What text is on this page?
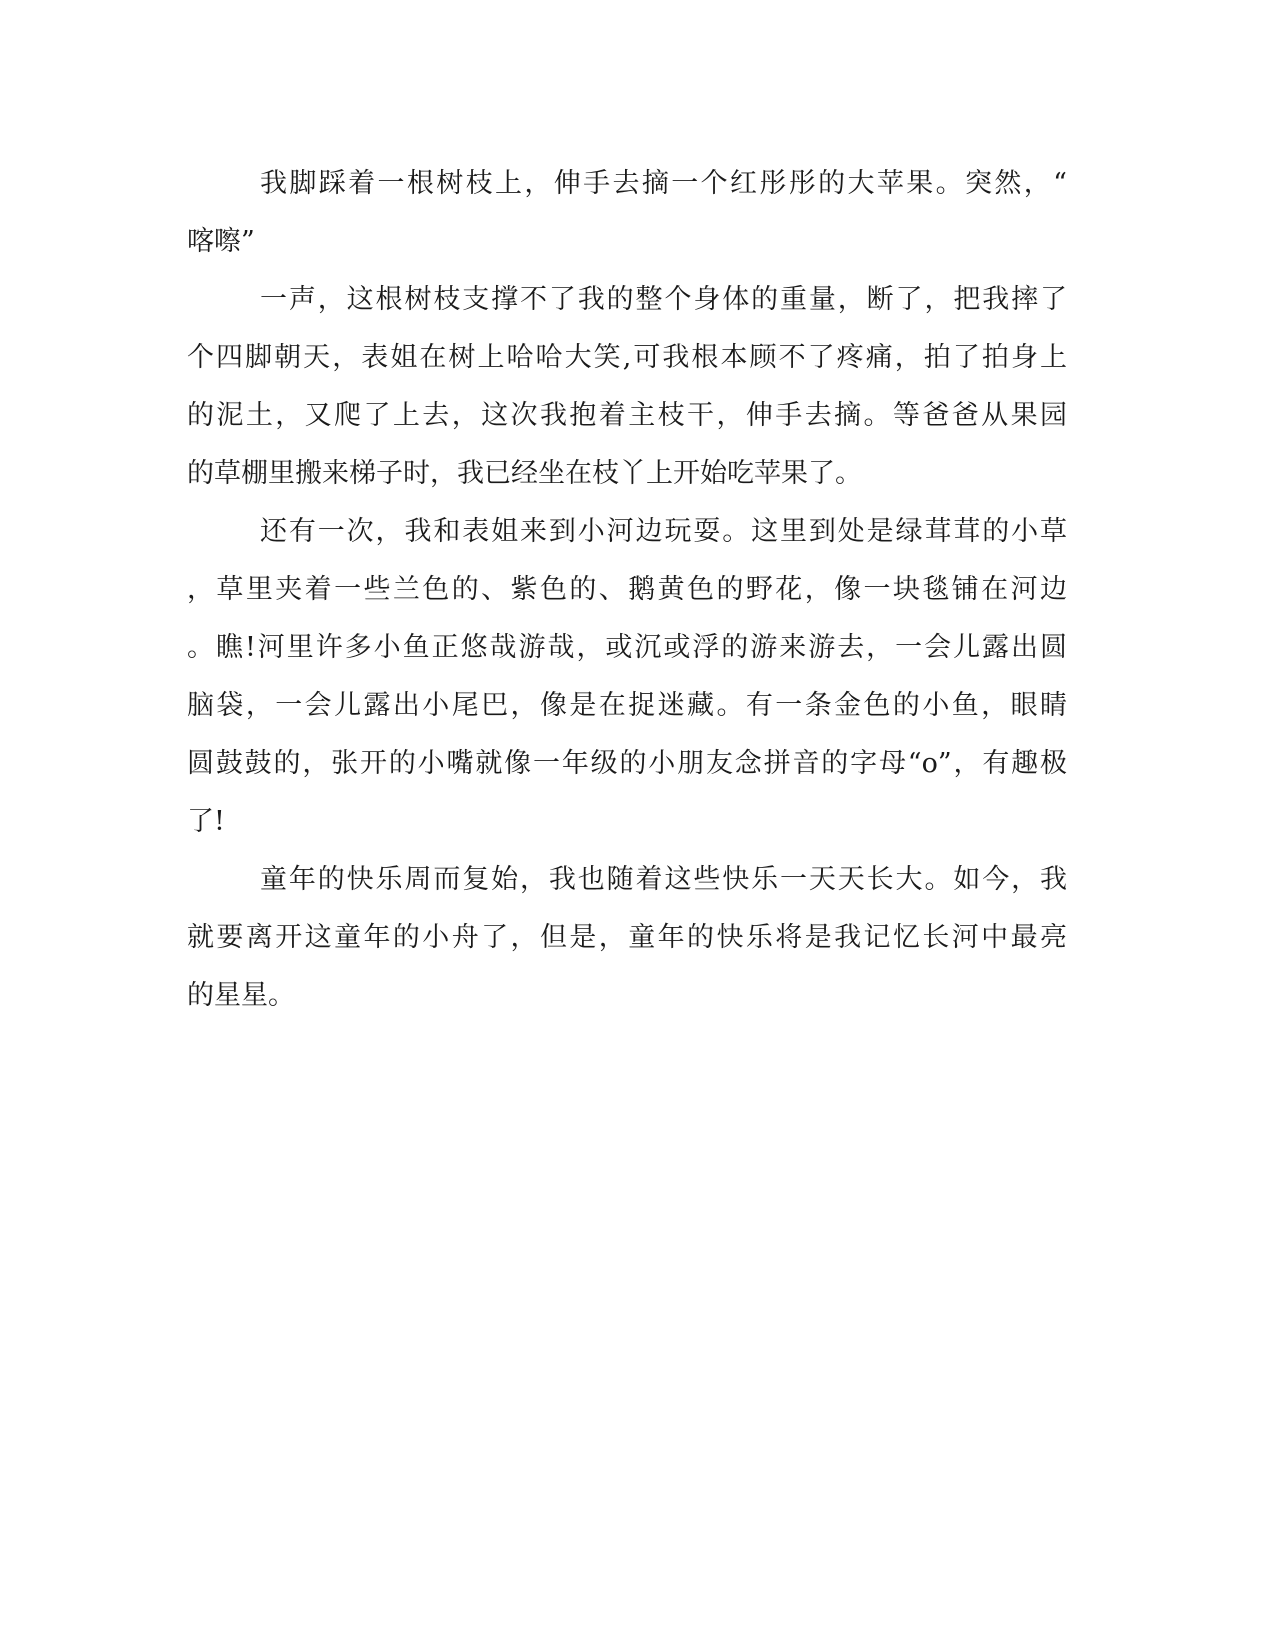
我脚踩着一根树枝上，伸手去摘一个红彤彤的大苹果。突然，“
喀嚓”
一声，这根树枝支撑不了我的整个身体的重量，断了，把我摔了
个四脚朝天，表姐在树上哈哈大笑,可我根本顾不了疼痛，拍了拍身上
的泥土，又爬了上去，这次我抱着主枝干，伸手去摘。等爸爸从果园
的草棚里搬来梯子时，我已经坐在枝丫上开始吃苹果了。
还有一次，我和表姐来到小河边玩耍。这里到处是绿茸茸的小草
，草里夹着一些兰色的、紫色的、鹅黄色的野花，像一块毯铺在河边
。瞧!河里许多小鱼正悠哉游哉，或沉或浮的游来游去，一会儿露出圆
脑袋，一会儿露出小尾巴，像是在捉迷藏。有一条金色的小鱼，眼睛
圆鼓鼓的，张开的小嘴就像一年级的小朋友念拼音的字母“o”，有趣极
了!
童年的快乐周而复始，我也随着这些快乐一天天长大。如今，我
就要离开这童年的小舟了，但是，童年的快乐将是我记忆长河中最亮
的星星。
